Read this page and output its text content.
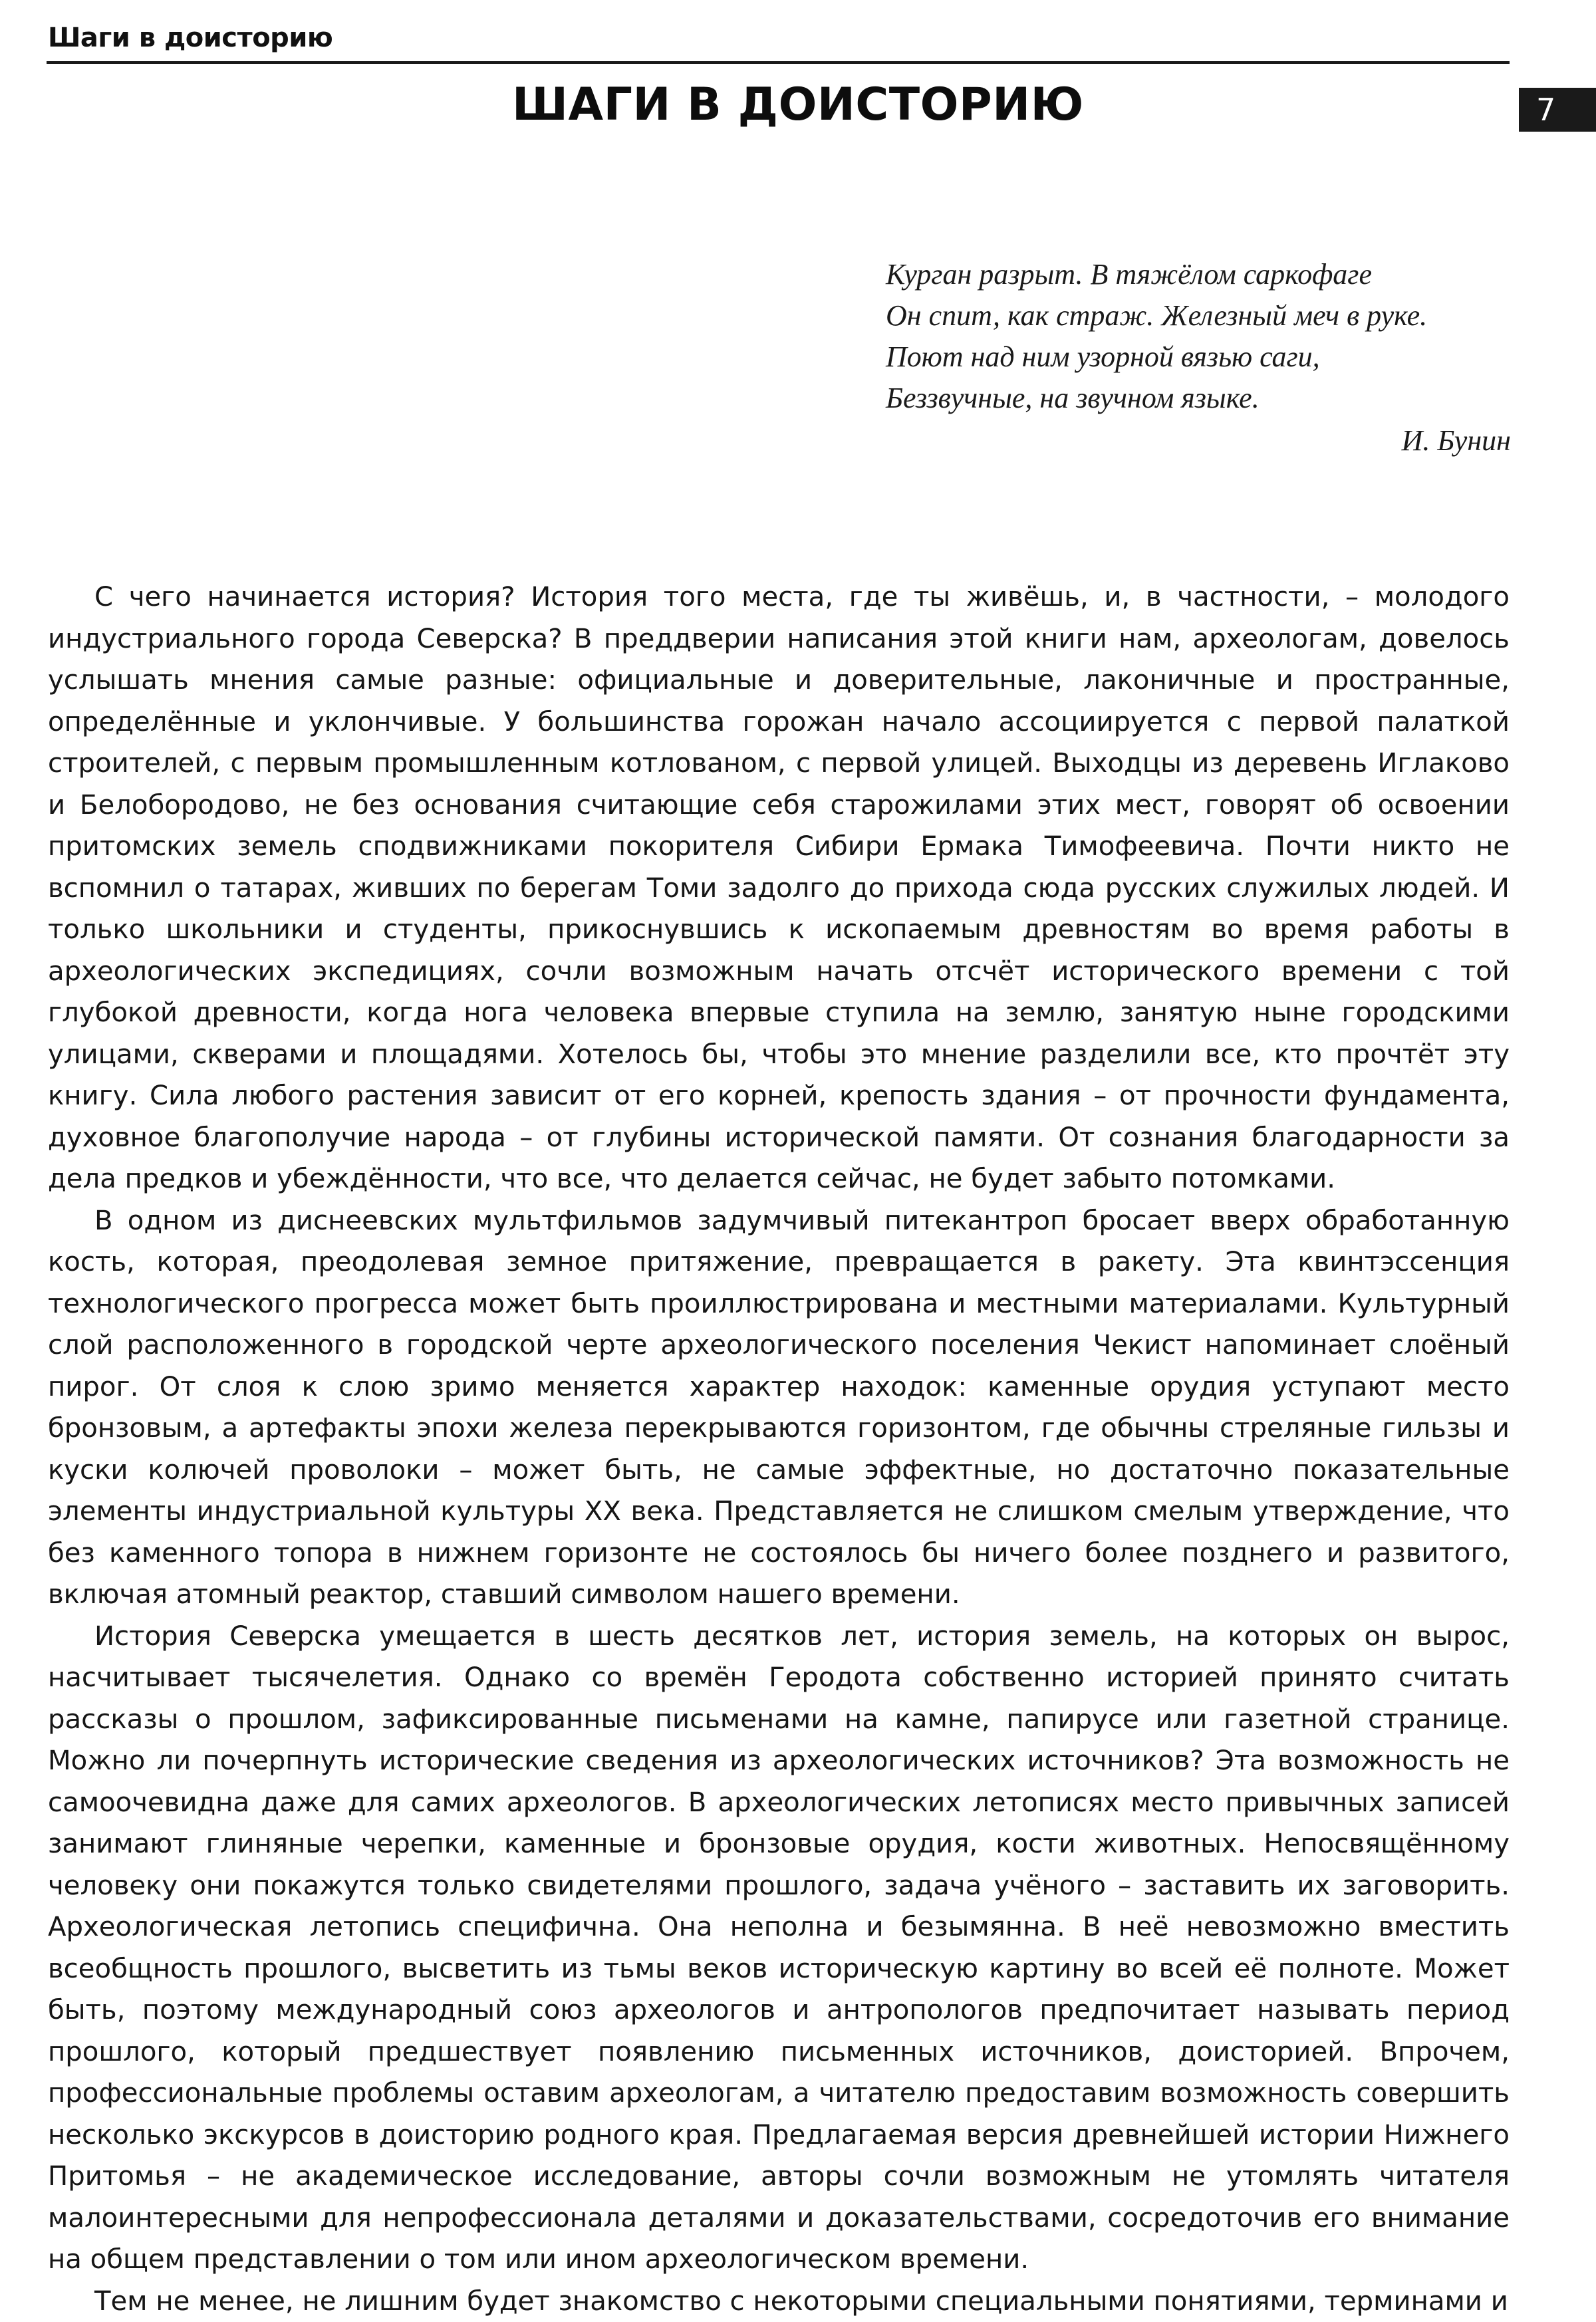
Шаги в доисторию
ШАГИ В ДОИСТОРИЮ	7
Курган разрыт. В тяжёлом саркофаге
Он спит, как страж. Железный меч в руке.
Поют над ним узорной вязью саги,
Беззвучные, на звучном языке.
И. Бунин

С чего начинается история? История того места, где ты живёшь, и, в частности, – молодого индустриального города Северска? В преддверии написания этой книги нам, археологам, довелось услышать мнения самые разные: официальные и доверительные, лаконичные и пространные, определённые и уклончивые. У большинства горожан начало ассоциируется с первой палаткой строителей, с первым промышленным котлованом, с первой улицей. Выходцы из деревень Иглаково и Белобородово, не без основания считающие себя старожилами этих мест, говорят об освоении притомских земель сподвижниками покорителя Сибири Ермака Тимофеевича. Почти никто не вспомнил о татарах, живших по берегам Томи задолго до прихода сюда русских служилых людей. И только школьники и студенты, прикоснувшись к ископаемым древностям во время работы в археологических экспедициях, сочли возможным начать отсчёт исторического времени с той глубокой древности, когда нога человека впервые ступила на землю, занятую ныне городскими улицами, скверами и площадями. Хотелось бы, чтобы это мнение разделили все, кто прочтёт эту книгу. Сила любого растения зависит от его корней, крепость здания – от прочности фундамента, духовное благополучие народа – от глубины исторической памяти. От сознания благодарности за дела предков и убеждённости, что все, что делается сейчас, не будет забыто потомками.

В одном из диснеевских мультфильмов задумчивый питекантроп бросает вверх обработанную кость, которая, преодолевая земное притяжение, превращается в ракету. Эта квинтэссенция технологического прогресса может быть проиллюстрирована и местными материалами. Культурный слой расположенного в городской черте археологического поселения Чекист напоминает слоёный пирог. От слоя к слою зримо меняется характер находок: каменные орудия уступают место бронзовым, а артефакты эпохи железа перекрываются горизонтом, где обычны стреляные гильзы и куски колючей проволоки – может быть, не самые эффектные, но достаточно показательные элементы индустриальной культуры XX века. Представляется не слишком смелым утверждение, что без каменного топора в нижнем горизонте не состоялось бы ничего более позднего и развитого, включая атомный реактор, ставший символом нашего времени.

История Северска умещается в шесть десятков лет, история земель, на которых он вырос, насчитывает тысячелетия. Однако со времён Геродота собственно историей принято считать рассказы о прошлом, зафиксированные письменами на камне, папирусе или газетной странице. Можно ли почерпнуть исторические сведения из археологических источников? Эта возможность не самоочевидна даже для самих археологов. В археологических летописях место привычных записей занимают глиняные черепки, каменные и бронзовые орудия, кости животных. Непосвящённому человеку они покажутся только свидетелями прошлого, задача учёного – заставить их заговорить. Археологическая летопись специфична. Она неполна и безымянна. В неё невозможно вместить всеобщность прошлого, высветить из тьмы веков историческую картину во всей её полноте. Может быть, поэтому международный союз археологов и антропологов предпочитает называть период прошлого, который предшествует появлению письменных источников, доисторией. Впрочем, профессиональные проблемы оставим археологам, а читателю предоставим возможность совершить несколько экскурсов в доисторию родного края. Предлагаемая версия древнейшей истории Нижнего Притомья – не академическое исследование, авторы сочли возможным не утомлять читателя малоинтересными для непрофессионала деталями и доказательствами, сосредоточив его внимание на общем представлении о том или ином археологическом времени.

Тем не менее, не лишним будет знакомство с некоторыми специальными понятиями, терминами и
